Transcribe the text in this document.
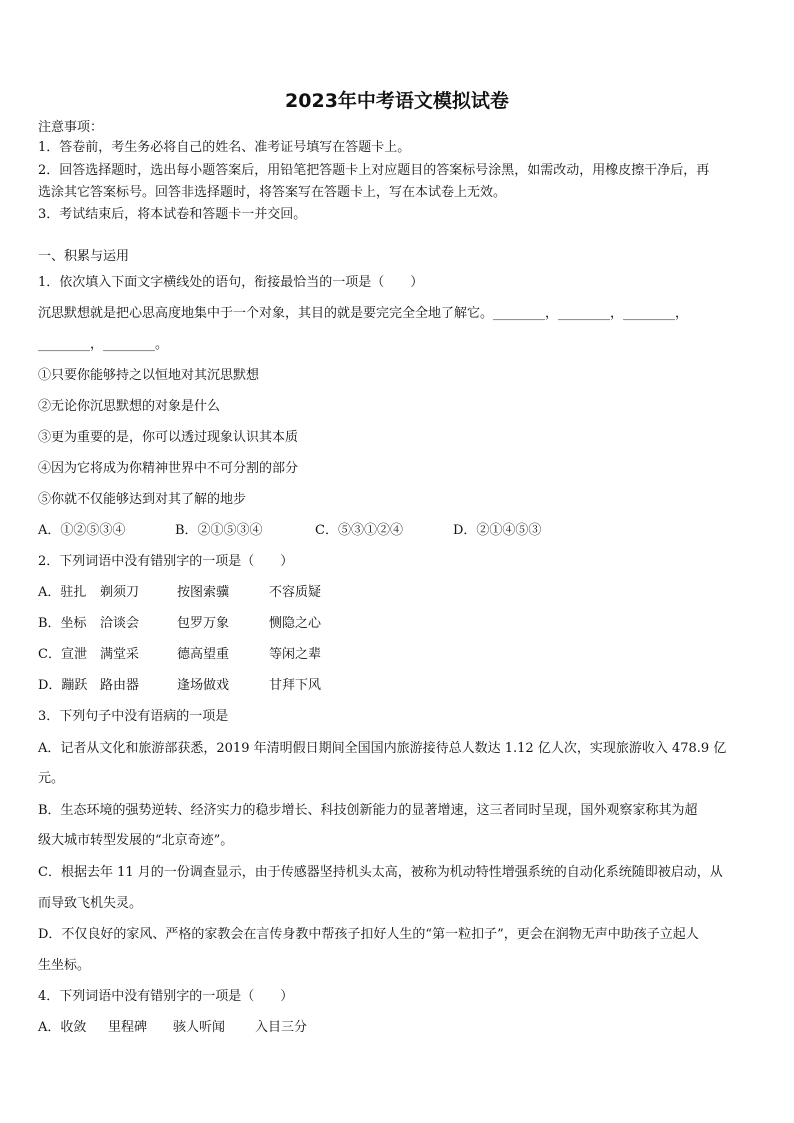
2023年中考语文模拟试卷
注意事项：
1．答卷前，考生务必将自己的姓名、准考证号填写在答题卡上。
2．回答选择题时，选出每小题答案后，用铅笔把答题卡上对应题目的答案标号涂黑，如需改动，用橡皮擦干净后，再
选涂其它答案标号。回答非选择题时，将答案写在答题卡上，写在本试卷上无效。
3．考试结束后，将本试卷和答题卡一并交回。
一、积累与运用
1．依次填入下面文字横线处的语句，衔接最恰当的一项是（　　）
沉思默想就是把心思高度地集中于一个对象，其目的就是要完完全全地了解它。________，________，________，
________，________。
①只要你能够持之以恒地对其沉思默想
②无论你沉思默想的对象是什么
③更为重要的是，你可以透过现象认识其本质
④因为它将成为你精神世界中不可分割的部分
⑤你就不仅能够达到对其了解的地步
A．①②⑤③④	B．②①⑤③④	C．⑤③①②④	D．②①④⑤③
2．下列词语中没有错别字的一项是（　　）
A．驻扎 剃须刀	按图索骥	不容质疑
B．坐标 洽谈会	包罗万象	恻隐之心
C．宣泄 满堂采	德高望重	等闲之辈
D．蹦跃 路由器	逢场做戏	甘拜下风
3．下列句子中没有语病的一项是
A．记者从文化和旅游部获悉，2019 年清明假日期间全国国内旅游接待总人数达 1.12 亿人次，实现旅游收入 478.9 亿
元。
B．生态环境的强势逆转、经济实力的稳步增长、科技创新能力的显著增速，这三者同时呈现，国外观察家称其为超
级大城市转型发展的“北京奇迹”。
C．根据去年 11 月的一份调查显示，由于传感器坚持机头太高，被称为机动特性增强系统的自动化系统随即被启动，从
而导致飞机失灵。
D．不仅良好的家风、严格的家教会在言传身教中帮孩子扣好人生的“第一粒扣子”，更会在润物无声中助孩子立起人
生坐标。
4．下列词语中没有错别字的一项是（　　）
A．收敛 里程碑 骇人听闻 入目三分
